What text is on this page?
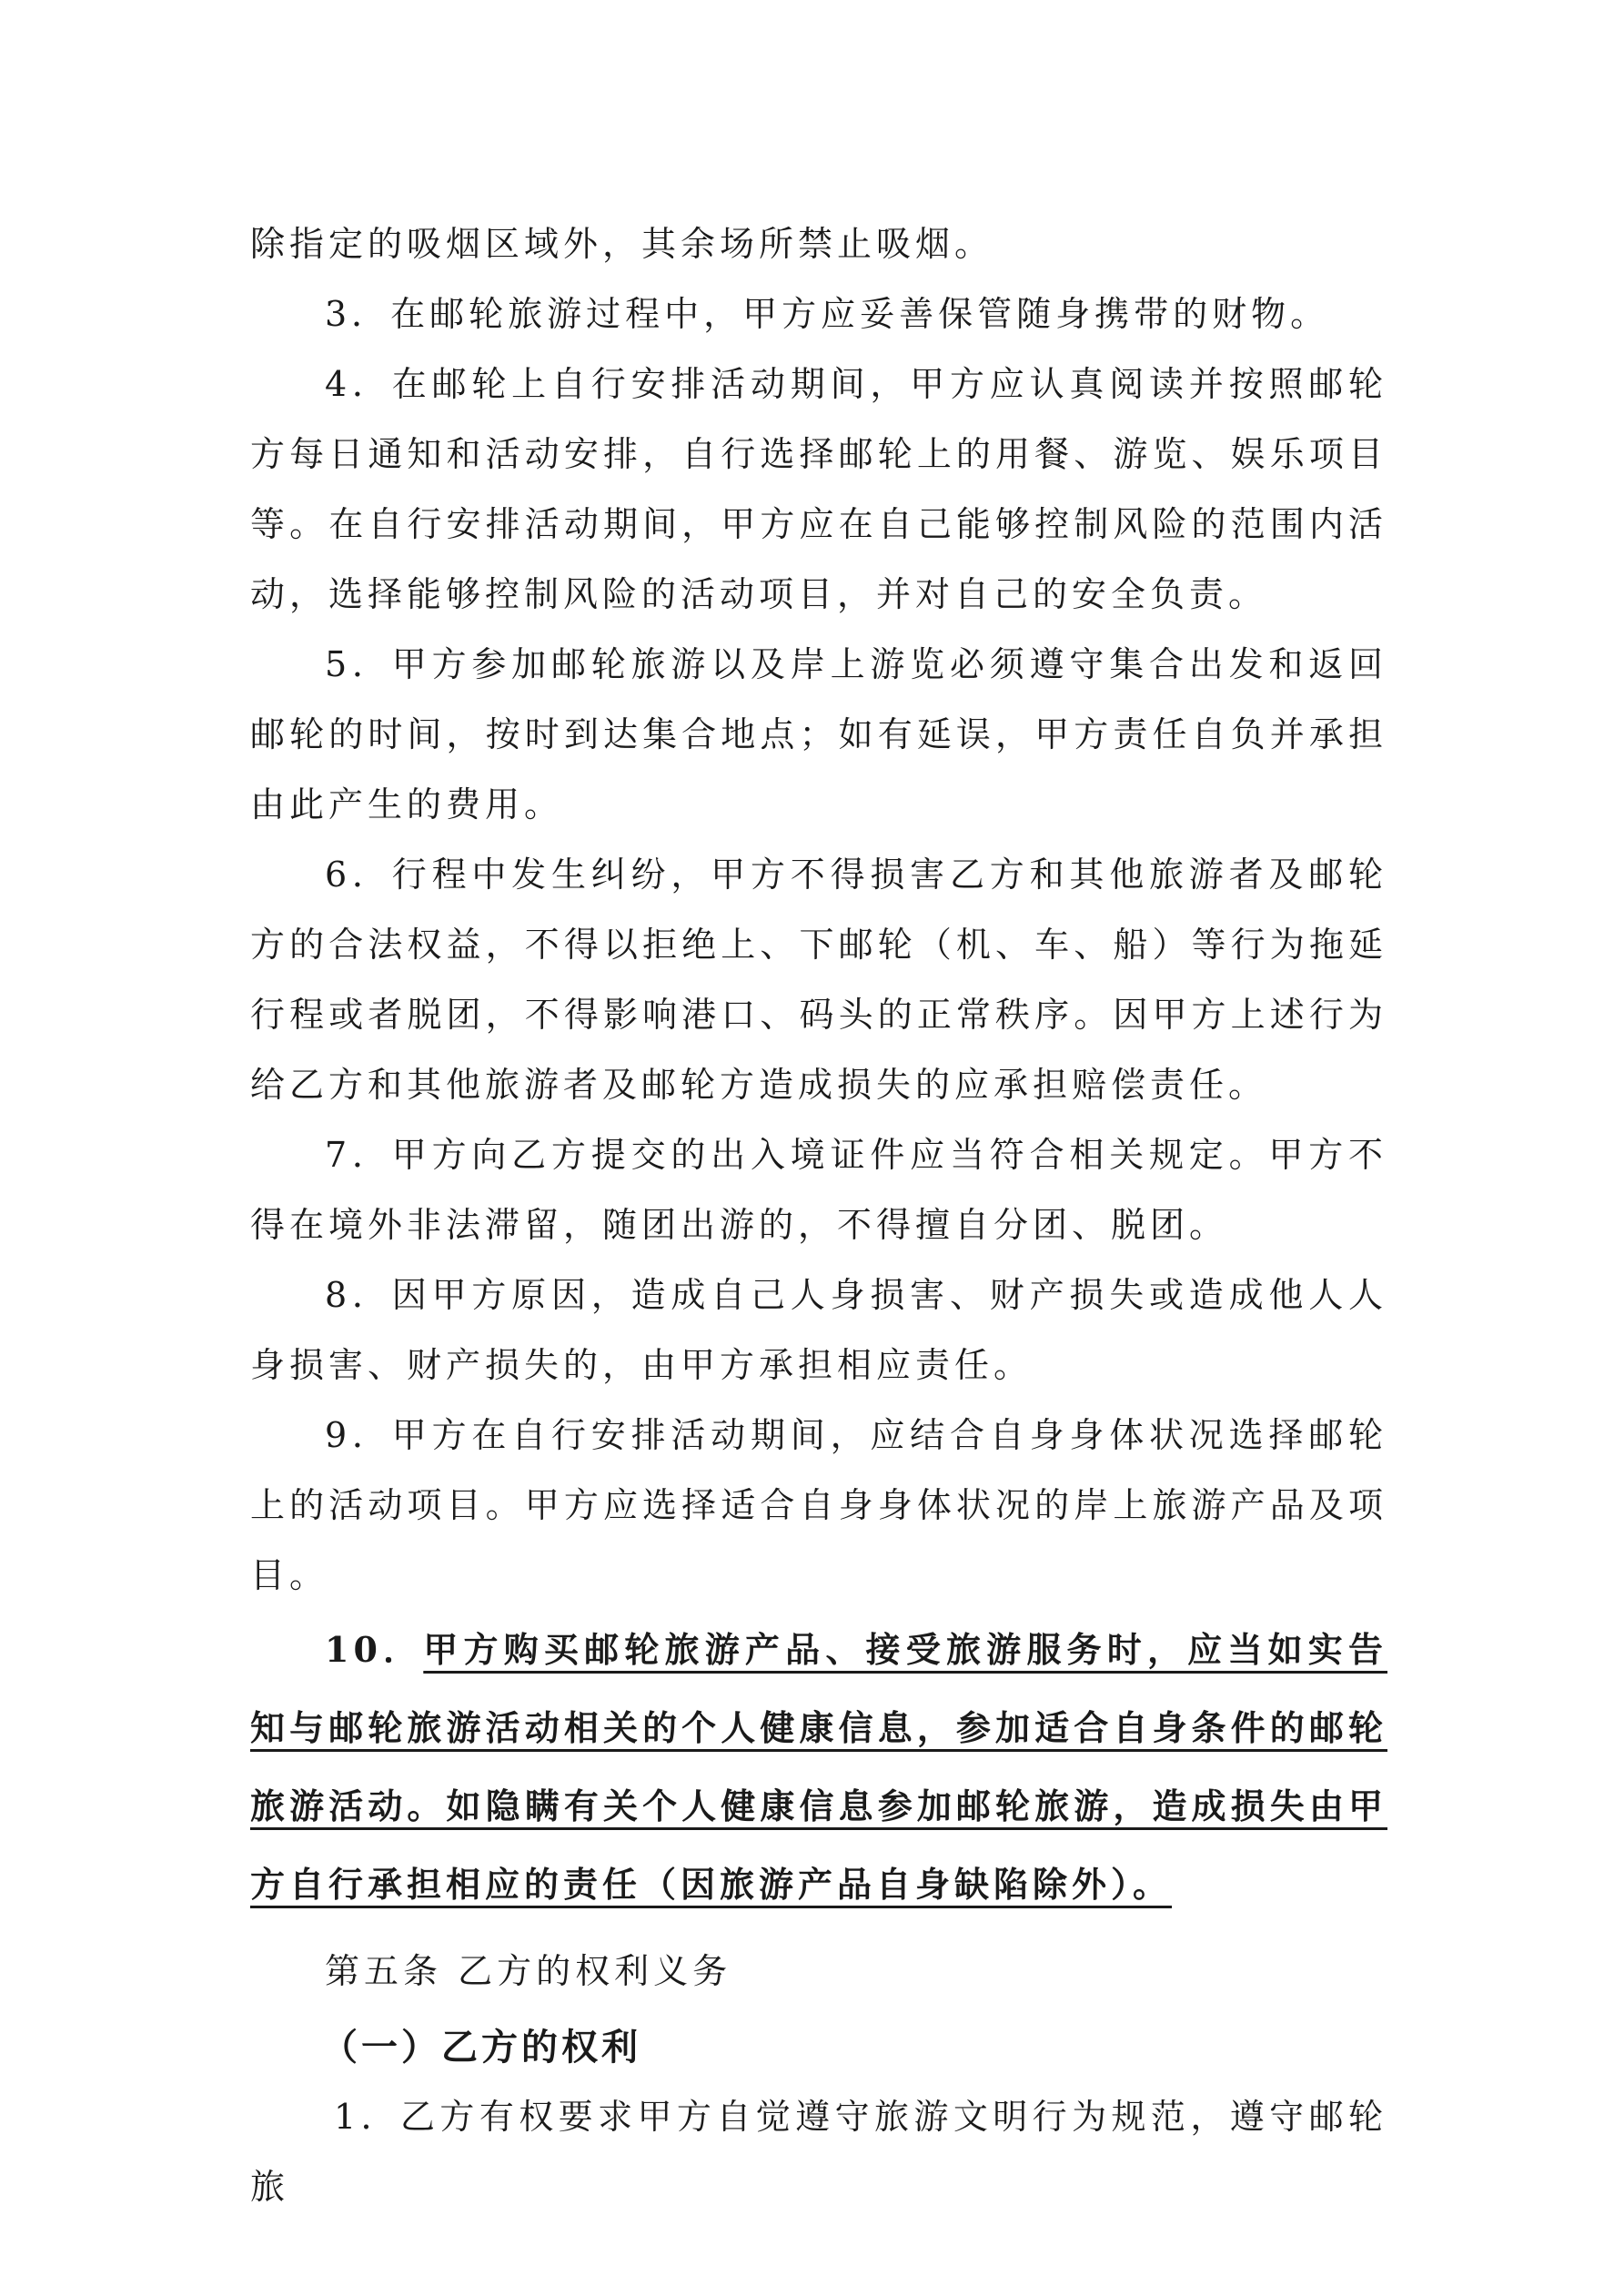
除指定的吸烟区域外，其余场所禁止吸烟。

3．在邮轮旅游过程中，甲方应妥善保管随身携带的财物。

4．在邮轮上自行安排活动期间，甲方应认真阅读并按照邮轮方每日通知和活动安排，自行选择邮轮上的用餐、游览、娱乐项目等。在自行安排活动期间，甲方应在自己能够控制风险的范围内活动，选择能够控制风险的活动项目，并对自己的安全负责。

5．甲方参加邮轮旅游以及岸上游览必须遵守集合出发和返回邮轮的时间，按时到达集合地点；如有延误，甲方责任自负并承担由此产生的费用。

6．行程中发生纠纷，甲方不得损害乙方和其他旅游者及邮轮方的合法权益，不得以拒绝上、下邮轮（机、车、船）等行为拖延行程或者脱团，不得影响港口、码头的正常秩序。因甲方上述行为给乙方和其他旅游者及邮轮方造成损失的应承担赔偿责任。

7．甲方向乙方提交的出入境证件应当符合相关规定。甲方不得在境外非法滞留，随团出游的，不得擅自分团、脱团。

8．因甲方原因，造成自己人身损害、财产损失或造成他人人身损害、财产损失的，由甲方承担相应责任。

9．甲方在自行安排活动期间，应结合自身身体状况选择邮轮上的活动项目。甲方应选择适合自身身体状况的岸上旅游产品及项目。

10．甲方购买邮轮旅游产品、接受旅游服务时，应当如实告知与邮轮旅游活动相关的个人健康信息，参加适合自身条件的邮轮旅游活动。如隐瞒有关个人健康信息参加邮轮旅游，造成损失由甲方自行承担相应的责任（因旅游产品自身缺陷除外）。

第五条 乙方的权利义务

（一）乙方的权利

1．乙方有权要求甲方自觉遵守旅游文明行为规范，遵守邮轮旅
